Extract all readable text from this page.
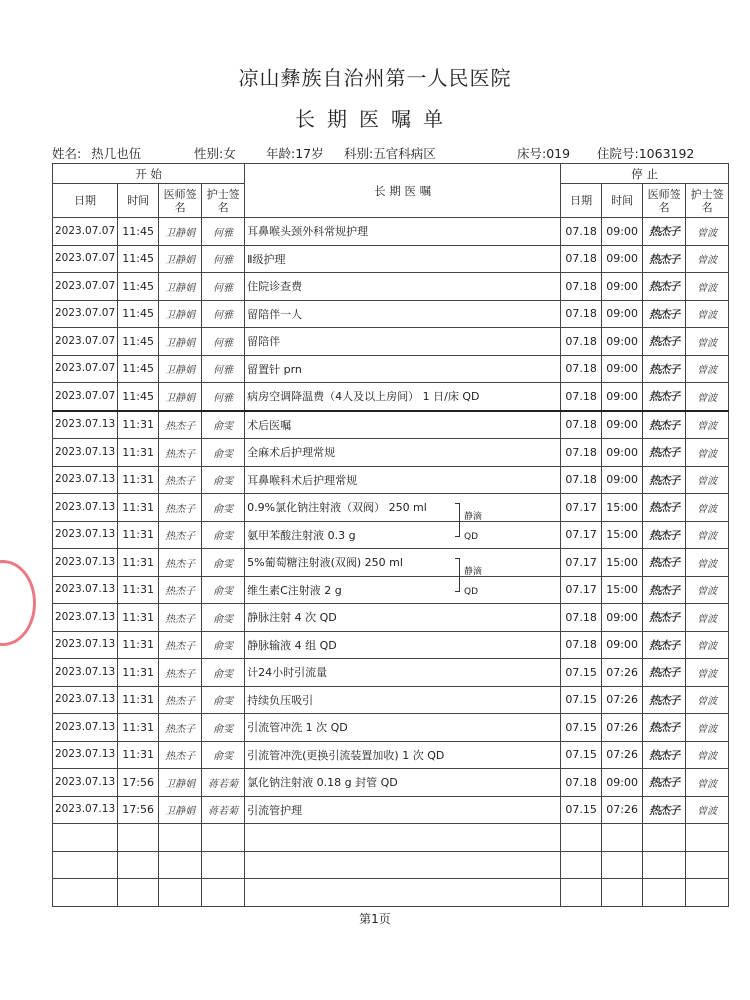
凉山彝族自治州第一人民医院
长期医嘱单
姓名: 热几也伍	性别:女 年龄:17岁 科别:五官科病区	床号:019 住院号:1063192
开 始				长 期 医 嘱	停 止			
日期	时间	医师签名	护士签名		日期	时间	医师签名	护士签名
2023.07.07	11:45	卫静娟	何雅	耳鼻喉头颈外科常规护理	07.18	09:00	热杰子	曾波
2023.07.07	11:45	卫静娟	何雅	Ⅱ级护理	07.18	09:00	热杰子	曾波
2023.07.07	11:45	卫静娟	何雅	住院诊查费	07.18	09:00	热杰子	曾波
2023.07.07	11:45	卫静娟	何雅	留陪伴一人	07.18	09:00	热杰子	曾波
2023.07.07	11:45	卫静娟	何雅	留陪伴	07.18	09:00	热杰子	曾波
2023.07.07	11:45	卫静娟	何雅	留置针 prn	07.18	09:00	热杰子	曾波
2023.07.07	11:45	卫静娟	何雅	病房空调降温费（4人及以上房间） 1 日/床 QD	07.18	09:00	热杰子	曾波
2023.07.13	11:31	热杰子	俞雯	术后医嘱	07.18	09:00	热杰子	曾波
2023.07.13	11:31	热杰子	俞雯	全麻术后护理常规	07.18	09:00	热杰子	曾波
2023.07.13	11:31	热杰子	俞雯	耳鼻喉科术后护理常规	07.18	09:00	热杰子	曾波
2023.07.13	11:31	热杰子	俞雯	0.9%氯化钠注射液（双阀） 250 ml	07.17	15:00	热杰子	曾波
2023.07.13	11:31	热杰子	俞雯	氨甲苯酸注射液 0.3 g	07.17	15:00	热杰子	曾波
2023.07.13	11:31	热杰子	俞雯	5%葡萄糖注射液(双阀) 250 ml	07.17	15:00	热杰子	曾波
2023.07.13	11:31	热杰子	俞雯	维生素C注射液 2 g	07.17	15:00	热杰子	曾波
2023.07.13	11:31	热杰子	俞雯	静脉注射 4 次 QD	07.18	09:00	热杰子	曾波
2023.07.13	11:31	热杰子	俞雯	静脉输液 4 组 QD	07.18	09:00	热杰子	曾波
2023.07.13	11:31	热杰子	俞雯	计24小时引流量	07.15	07:26	热杰子	曾波
2023.07.13	11:31	热杰子	俞雯	持续负压吸引	07.15	07:26	热杰子	曾波
2023.07.13	11:31	热杰子	俞雯	引流管冲洗 1 次 QD	07.15	07:26	热杰子	曾波
2023.07.13	11:31	热杰子	俞雯	引流管冲洗(更换引流装置加收) 1 次 QD	07.15	07:26	热杰子	曾波
2023.07.13	17:56	卫静娟	蒋若菊	氯化钠注射液 0.18 g 封管 QD	07.18	09:00	热杰子	曾波
2023.07.13	17:56	卫静娟	蒋若菊	引流管护理	07.15	07:26	热杰子	曾波

静滴
QD
静滴
QD
第1页
